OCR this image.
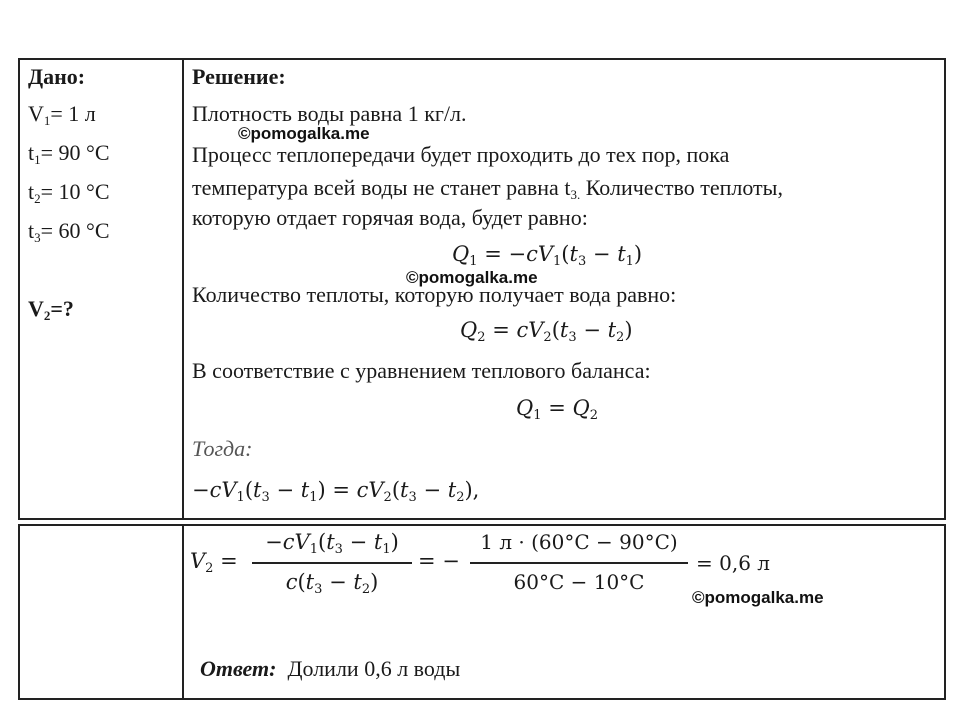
Дано:
$V_1= 1$ л
$t_1= 90$ °C
$t_2= 10$ °C
$t_3= 60$ °C
$V_2=$?
Решение:
Плотность воды равна 1 кг/л.
©pomogalka.me
Процесс теплопередачи будет проходить до тех пор, пока
температура всей воды не станет равна $t_{3.}$ Количество теплоты,
которую отдает горячая вода, будет равно:
$Q_1 = -cV_1(t_3 - t_1)$
©pomogalka.me
Количество теплоты, которую получает вода равно:
$Q_2 = cV_2(t_3 - t_2)$
В соответствие с уравнением теплового баланса:
$Q_1 = Q_2$
Тогда:
$-cV_1(t_3 - t_1) = cV_2(t_3 - t_2)$,
$V_2$ =
$-cV_1(t_3 - t_1)$
$c(t_3 - t_2)$
= −
1 л · (60°C − 90°C)
60°C − 10°C
= 0,6 л
©pomogalka.me
Ответ: Долили 0,6 л воды
